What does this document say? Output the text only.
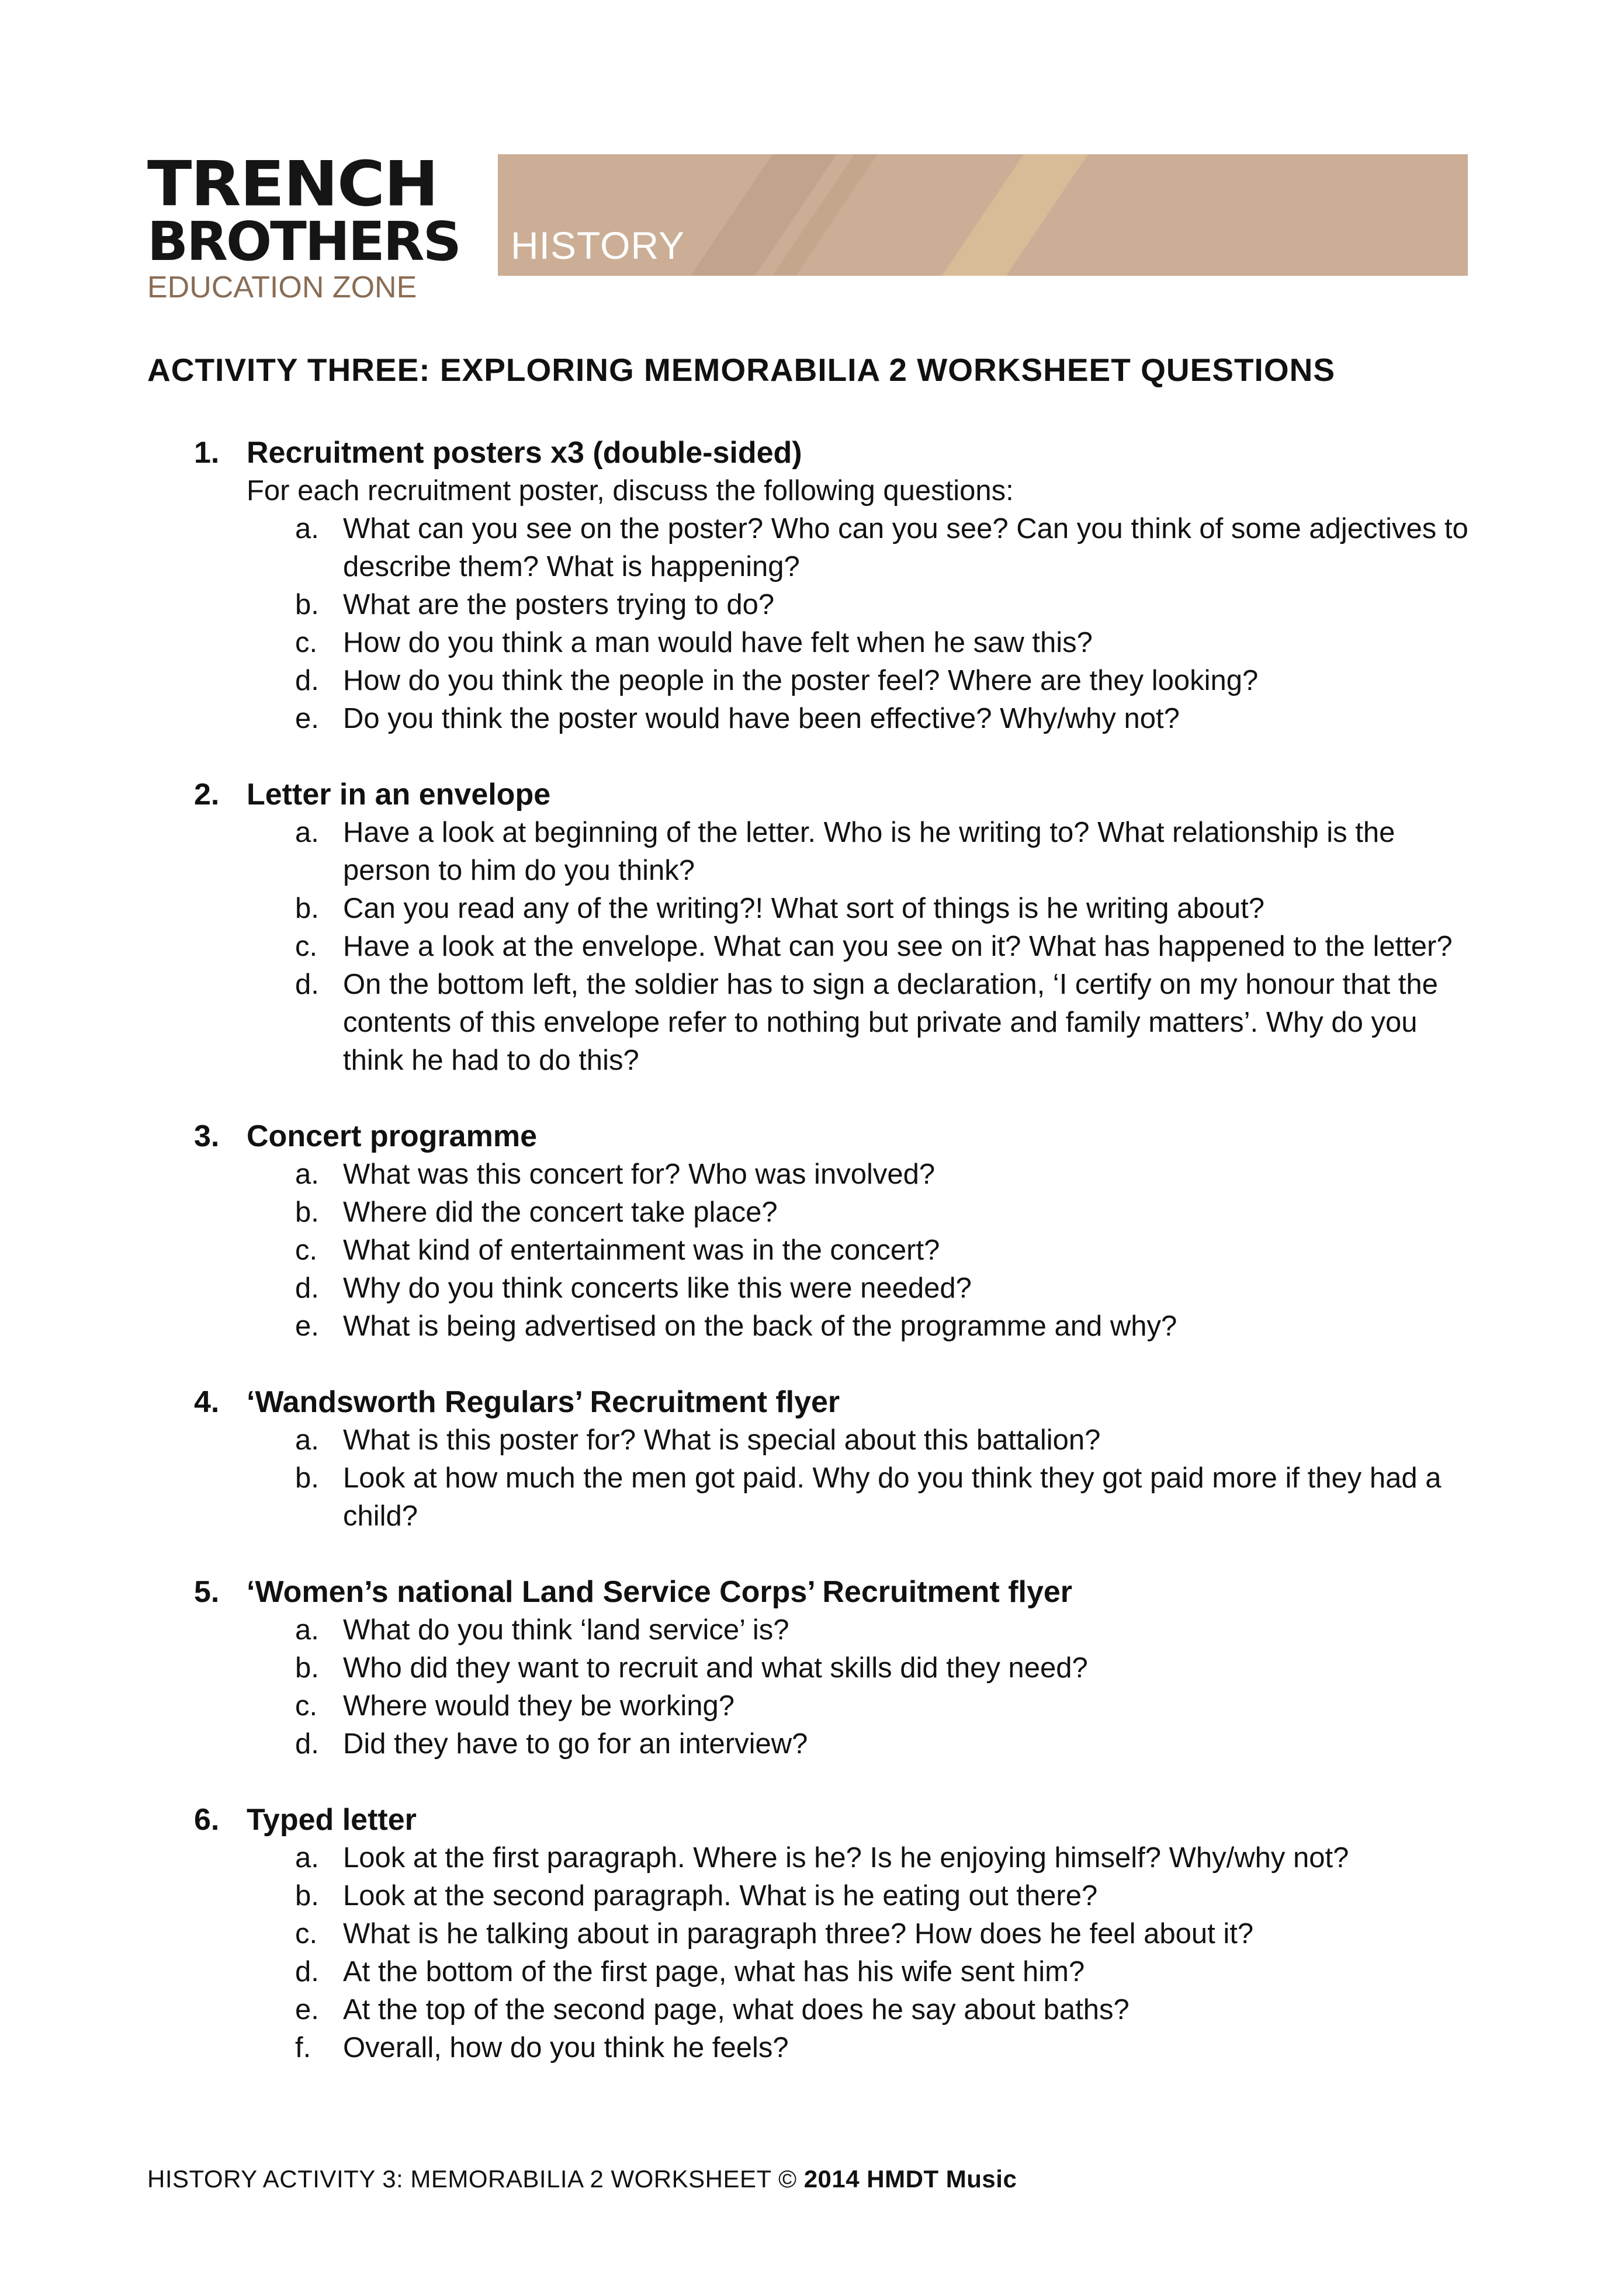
TRENCH
BROTHERS
EDUCATION ZONE
HISTORY
ACTIVITY THREE: EXPLORING MEMORABILIA 2 WORKSHEET QUESTIONS
1. Recruitment posters x3 (double-sided)
For each recruitment poster, discuss the following questions:
a. What can you see on the poster? Who can you see? Can you think of some adjectives to describe them? What is happening?
b. What are the posters trying to do?
c. How do you think a man would have felt when he saw this?
d. How do you think the people in the poster feel? Where are they looking?
e. Do you think the poster would have been effective? Why/why not?
2. Letter in an envelope
a. Have a look at beginning of the letter. Who is he writing to? What relationship is the person to him do you think?
b. Can you read any of the writing?! What sort of things is he writing about?
c. Have a look at the envelope. What can you see on it? What has happened to the letter?
d. On the bottom left, the soldier has to sign a declaration, ‘I certify on my honour that the contents of this envelope refer to nothing but private and family matters’. Why do you think he had to do this?
3. Concert programme
a. What was this concert for? Who was involved?
b. Where did the concert take place?
c. What kind of entertainment was in the concert?
d. Why do you think concerts like this were needed?
e. What is being advertised on the back of the programme and why?
4. ‘Wandsworth Regulars’ Recruitment flyer
a. What is this poster for? What is special about this battalion?
b. Look at how much the men got paid. Why do you think they got paid more if they had a child?
5. ‘Women’s national Land Service Corps’ Recruitment flyer
a. What do you think ‘land service’ is?
b. Who did they want to recruit and what skills did they need?
c. Where would they be working?
d. Did they have to go for an interview?
6. Typed letter
a. Look at the first paragraph. Where is he? Is he enjoying himself? Why/why not?
b. Look at the second paragraph. What is he eating out there?
c. What is he talking about in paragraph three? How does he feel about it?
d. At the bottom of the first page, what has his wife sent him?
e. At the top of the second page, what does he say about baths?
f. Overall, how do you think he feels?
HISTORY ACTIVITY 3: MEMORABILIA 2 WORKSHEET © 2014 HMDT Music
